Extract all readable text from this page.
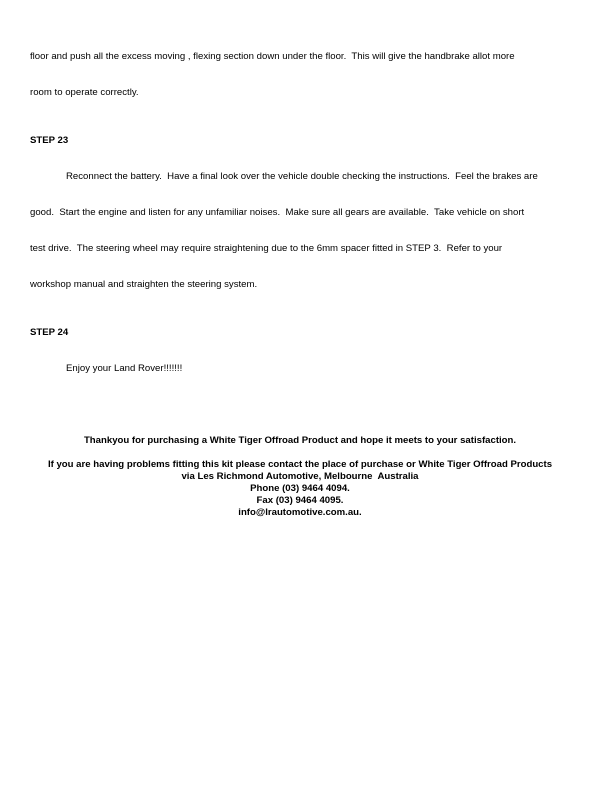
floor and push all the excess moving , flexing section down under the floor.  This will give the handbrake allot more

room to operate correctly.

STEP 23

Reconnect the battery.  Have a final look over the vehicle double checking the instructions.  Feel the brakes are

good.  Start the engine and listen for any unfamiliar noises.  Make sure all gears are available.  Take vehicle on short

test drive.  The steering wheel may require straightening due to the 6mm spacer fitted in STEP 3.  Refer to your

workshop manual and straighten the steering system.

STEP 24

Enjoy your Land Rover!!!!!!!

Thankyou for purchasing a White Tiger Offroad Product and hope it meets to your satisfaction.
If you are having problems fitting this kit please contact the place of purchase or White Tiger Offroad Products
via Les Richmond Automotive, Melbourne  Australia
Phone (03) 9464 4094.
Fax (03) 9464 4095.
info@lrautomotive.com.au.
